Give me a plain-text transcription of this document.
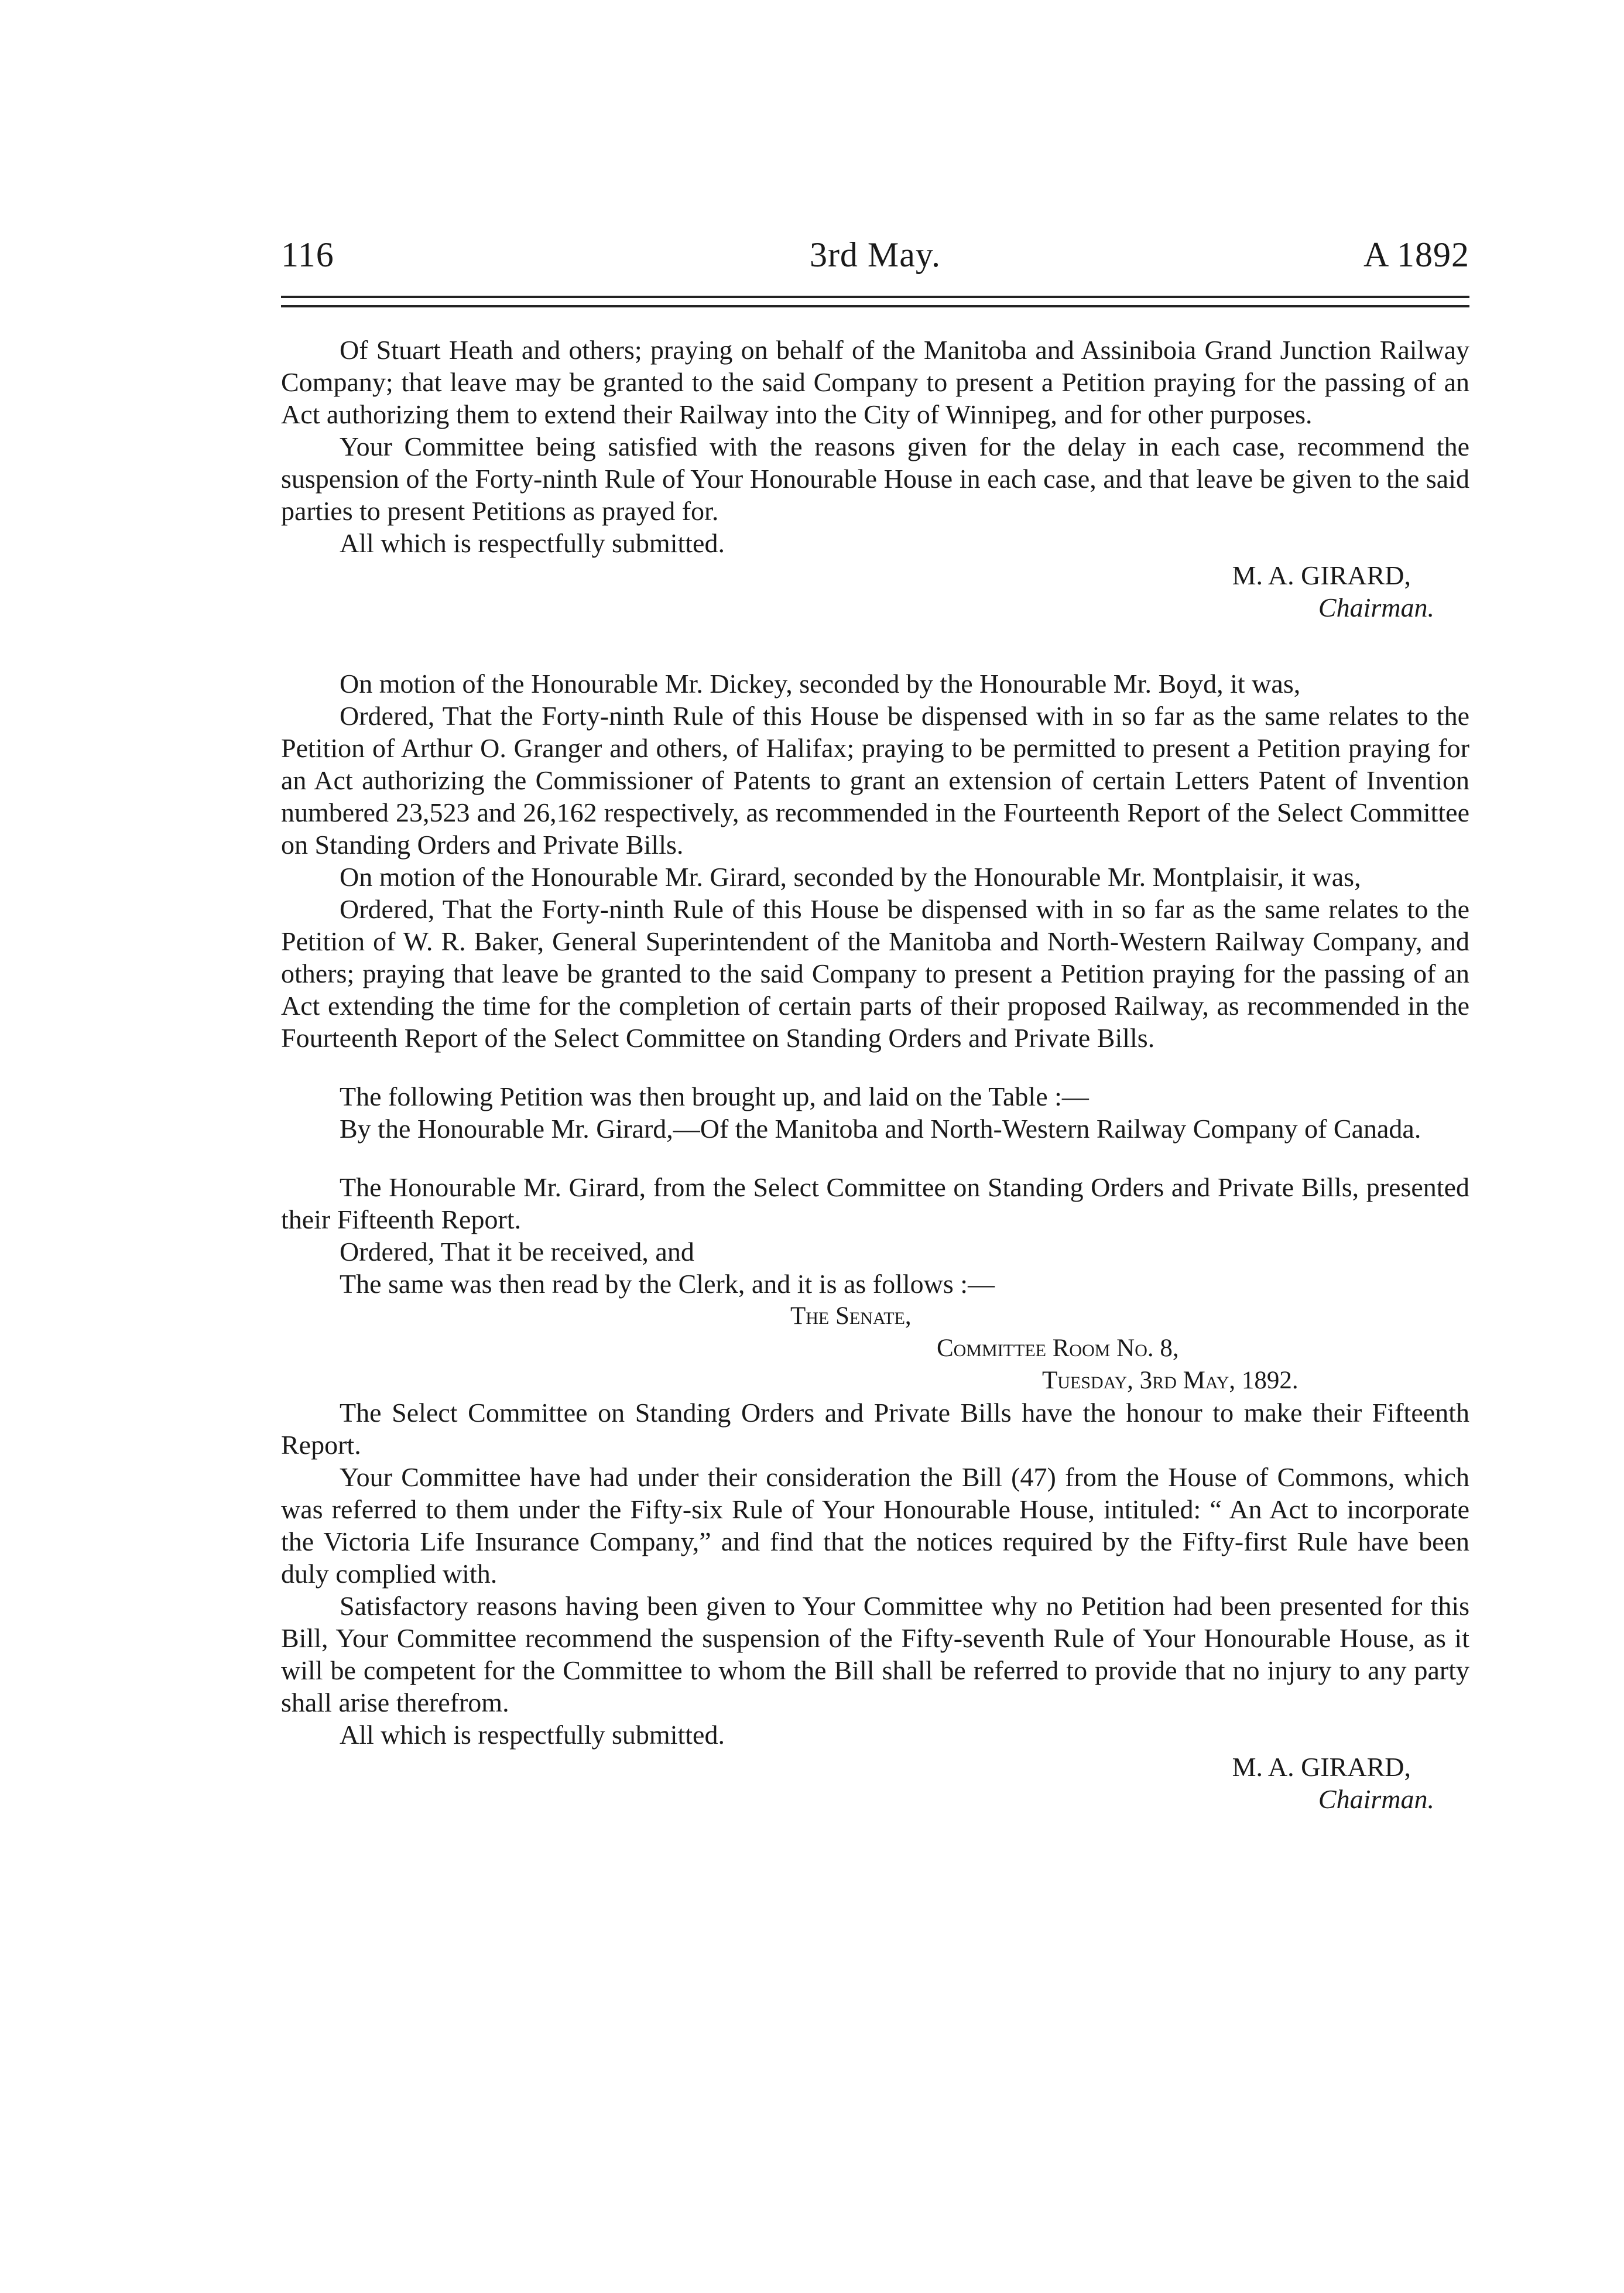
3rd May.
116	A 1892

Of Stuart Heath and others; praying on behalf of the Manitoba and Assiniboia Grand Junction Railway Company; that leave may be granted to the said Company to present a Petition praying for the passing of an Act authorizing them to extend their Railway into the City of Winnipeg, and for other purposes.

Your Committee being satisfied with the reasons given for the delay in each case, recommend the suspension of the Forty-ninth Rule of Your Honourable House in each case, and that leave be given to the said parties to present Petitions as prayed for.

All which is respectfully submitted.

M. A. GIRARD,

Chairman.

On motion of the Honourable Mr. Dickey, seconded by the Honourable Mr. Boyd, it was,

Ordered, That the Forty-ninth Rule of this House be dispensed with in so far as the same relates to the Petition of Arthur O. Granger and others, of Halifax; praying to be permitted to present a Petition praying for an Act authorizing the Commissioner of Patents to grant an extension of certain Letters Patent of Invention numbered 23,523 and 26,162 respectively, as recommended in the Fourteenth Report of the Select Committee on Standing Orders and Private Bills.

On motion of the Honourable Mr. Girard, seconded by the Honourable Mr. Montplaisir, it was,

Ordered, That the Forty-ninth Rule of this House be dispensed with in so far as the same relates to the Petition of W. R. Baker, General Superintendent of the Manitoba and North-Western Railway Company, and others; praying that leave be granted to the said Company to present a Petition praying for the passing of an Act extending the time for the completion of certain parts of their proposed Railway, as recommended in the Fourteenth Report of the Select Committee on Standing Orders and Private Bills.

The following Petition was then brought up, and laid on the Table :—

By the Honourable Mr. Girard,—Of the Manitoba and North-Western Railway Company of Canada.

The Honourable Mr. Girard, from the Select Committee on Standing Orders and Private Bills, presented their Fifteenth Report.

Ordered, That it be received, and

The same was then read by the Clerk, and it is as follows :—

The Senate,

Committee Room No. 8,

Tuesday, 3rd May, 1892.

The Select Committee on Standing Orders and Private Bills have the honour to make their Fifteenth Report.

Your Committee have had under their consideration the Bill (47) from the House of Commons, which was referred to them under the Fifty-six Rule of Your Honourable House, intituled: “ An Act to incorporate the Victoria Life Insurance Company,” and find that the notices required by the Fifty-first Rule have been duly complied with.

Satisfactory reasons having been given to Your Committee why no Petition had been presented for this Bill, Your Committee recommend the suspension of the Fifty-seventh Rule of Your Honourable House, as it will be competent for the Committee to whom the Bill shall be referred to provide that no injury to any party shall arise therefrom.

All which is respectfully submitted.

M. A. GIRARD,

Chairman.
